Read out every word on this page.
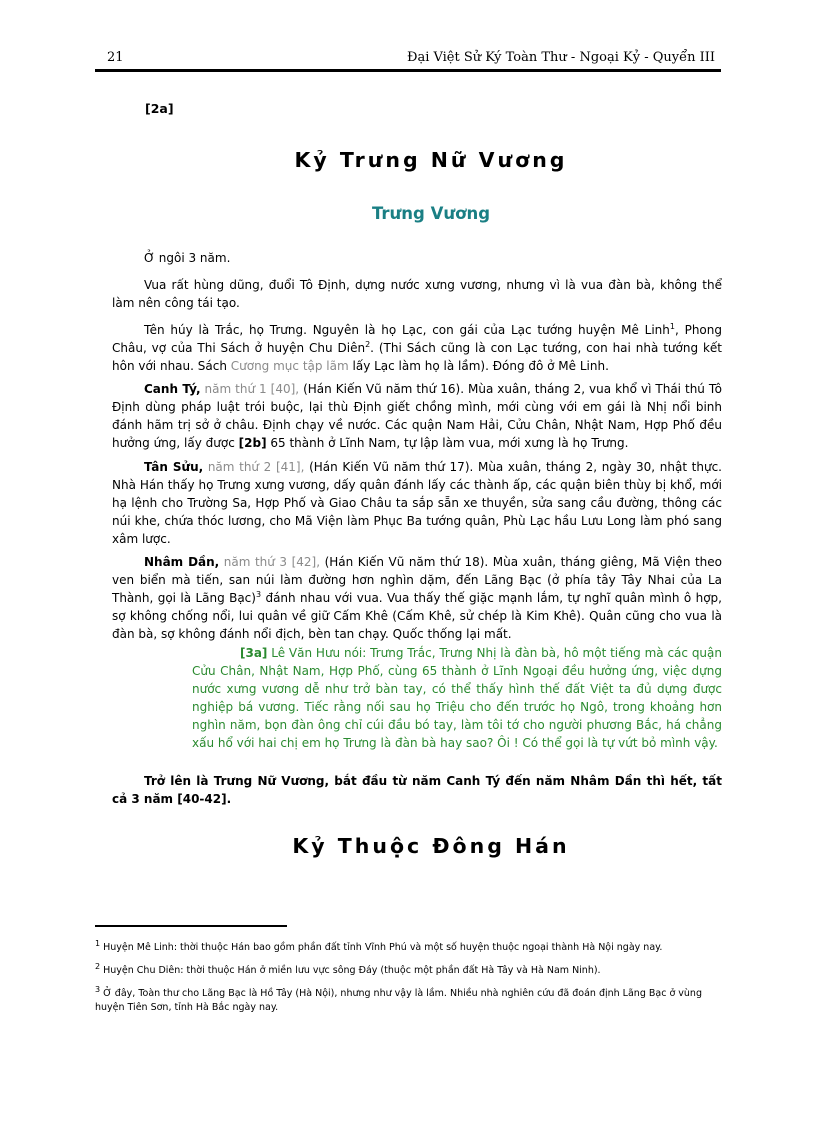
21	Đại Việt Sử Ký Toàn Thư - Ngoại Kỷ - Quyển III
[2a]
Kỷ Trưng Nữ Vương
Trưng Vương

Ở ngôi 3 năm.

Vua rất hùng dũng, đuổi Tô Định, dựng nước xưng vương, nhưng vì là vua đàn bà, không thể làm nên công tái tạo.

Tên húy là Trắc, họ Trưng. Nguyên là họ Lạc, con gái của Lạc tướng huyện Mê Linh$^1$, Phong Châu, vợ của Thi Sách ở huyện Chu Diên$^2$. (Thi Sách cũng là con Lạc tướng, con hai nhà tướng kết hôn với nhau. Sách Cương mục tập lãm lấy Lạc làm họ là lầm). Đóng đô ở Mê Linh.

Canh Tý, năm thứ 1 [40], (Hán Kiến Vũ năm thứ 16). Mùa xuân, tháng 2, vua khổ vì Thái thú Tô Định dùng pháp luật trói buộc, lại thù Định giết chồng mình, mới cùng với em gái là Nhị nổi binh đánh hãm trị sở ở châu. Định chạy về nước. Các quận Nam Hải, Cửu Chân, Nhật Nam, Hợp Phố đều hưởng ứng, lấy được [2b] 65 thành ở Lĩnh Nam, tự lập làm vua, mới xưng là họ Trưng.

Tân Sửu, năm thứ 2 [41], (Hán Kiến Vũ năm thứ 17). Mùa xuân, tháng 2, ngày 30, nhật thực. Nhà Hán thấy họ Trưng xưng vương, dấy quân đánh lấy các thành ấp, các quận biên thùy bị khổ, mới hạ lệnh cho Trường Sa, Hợp Phố và Giao Châu ta sắp sẵn xe thuyền, sửa sang cầu đường, thông các núi khe, chứa thóc lương, cho Mã Viện làm Phục Ba tướng quân, Phù Lạc hầu Lưu Long làm phó sang xâm lược.

Nhâm Dần, năm thứ 3 [42], (Hán Kiến Vũ năm thứ 18). Mùa xuân, tháng giêng, Mã Viện theo ven biển mà tiến, san núi làm đường hơn nghìn dặm, đến Lãng Bạc (ở phía tây Tây Nhai của La Thành, gọi là Lãng Bạc)$^3$ đánh nhau với vua. Vua thấy thế giặc mạnh lắm, tự nghĩ quân mình ô hợp, sợ không chống nổi, lui quân về giữ Cấm Khê (Cấm Khê, sử chép là Kim Khê). Quân cũng cho vua là đàn bà, sợ không đánh nổi địch, bèn tan chạy. Quốc thống lại mất.

[3a] Lê Văn Hưu nói: Trưng Trắc, Trưng Nhị là đàn bà, hô một tiếng mà các quận Cửu Chân, Nhật Nam, Hợp Phố, cùng 65 thành ở Lĩnh Ngoại đều hưởng ứng, việc dựng nước xưng vương dễ như trở bàn tay, có thể thấy hình thế đất Việt ta đủ dựng được nghiệp bá vương. Tiếc rằng nối sau họ Triệu cho đến trước họ Ngô, trong khoảng hơn nghìn năm, bọn đàn ông chỉ cúi đầu bó tay, làm tôi tớ cho người phương Bắc, há chẳng xấu hổ với hai chị em họ Trưng là đàn bà hay sao? Ôi ! Có thể gọi là tự vứt bỏ mình vậy.

Trở lên là Trưng Nữ Vương, bắt đầu từ năm Canh Tý đến năm Nhâm Dần thì hết, tất cả 3 năm [40-42].

Kỷ Thuộc Đông Hán
$^1$ Huyện Mê Linh: thời thuộc Hán bao gồm phần đất tỉnh Vĩnh Phú và một số huyện thuộc ngoại thành Hà Nội ngày nay.
$^2$ Huyện Chu Diên: thời thuộc Hán ở miền lưu vực sông Đáy (thuộc một phần đất Hà Tây và Hà Nam Ninh).
$^3$ Ở đây, Toàn thư cho Lãng Bạc là Hồ Tây (Hà Nội), nhưng như vậy là lầm. Nhiều nhà nghiên cứu đã đoán định Lãng Bạc ở vùng huyện Tiên Sơn, tỉnh Hà Bắc ngày nay.
